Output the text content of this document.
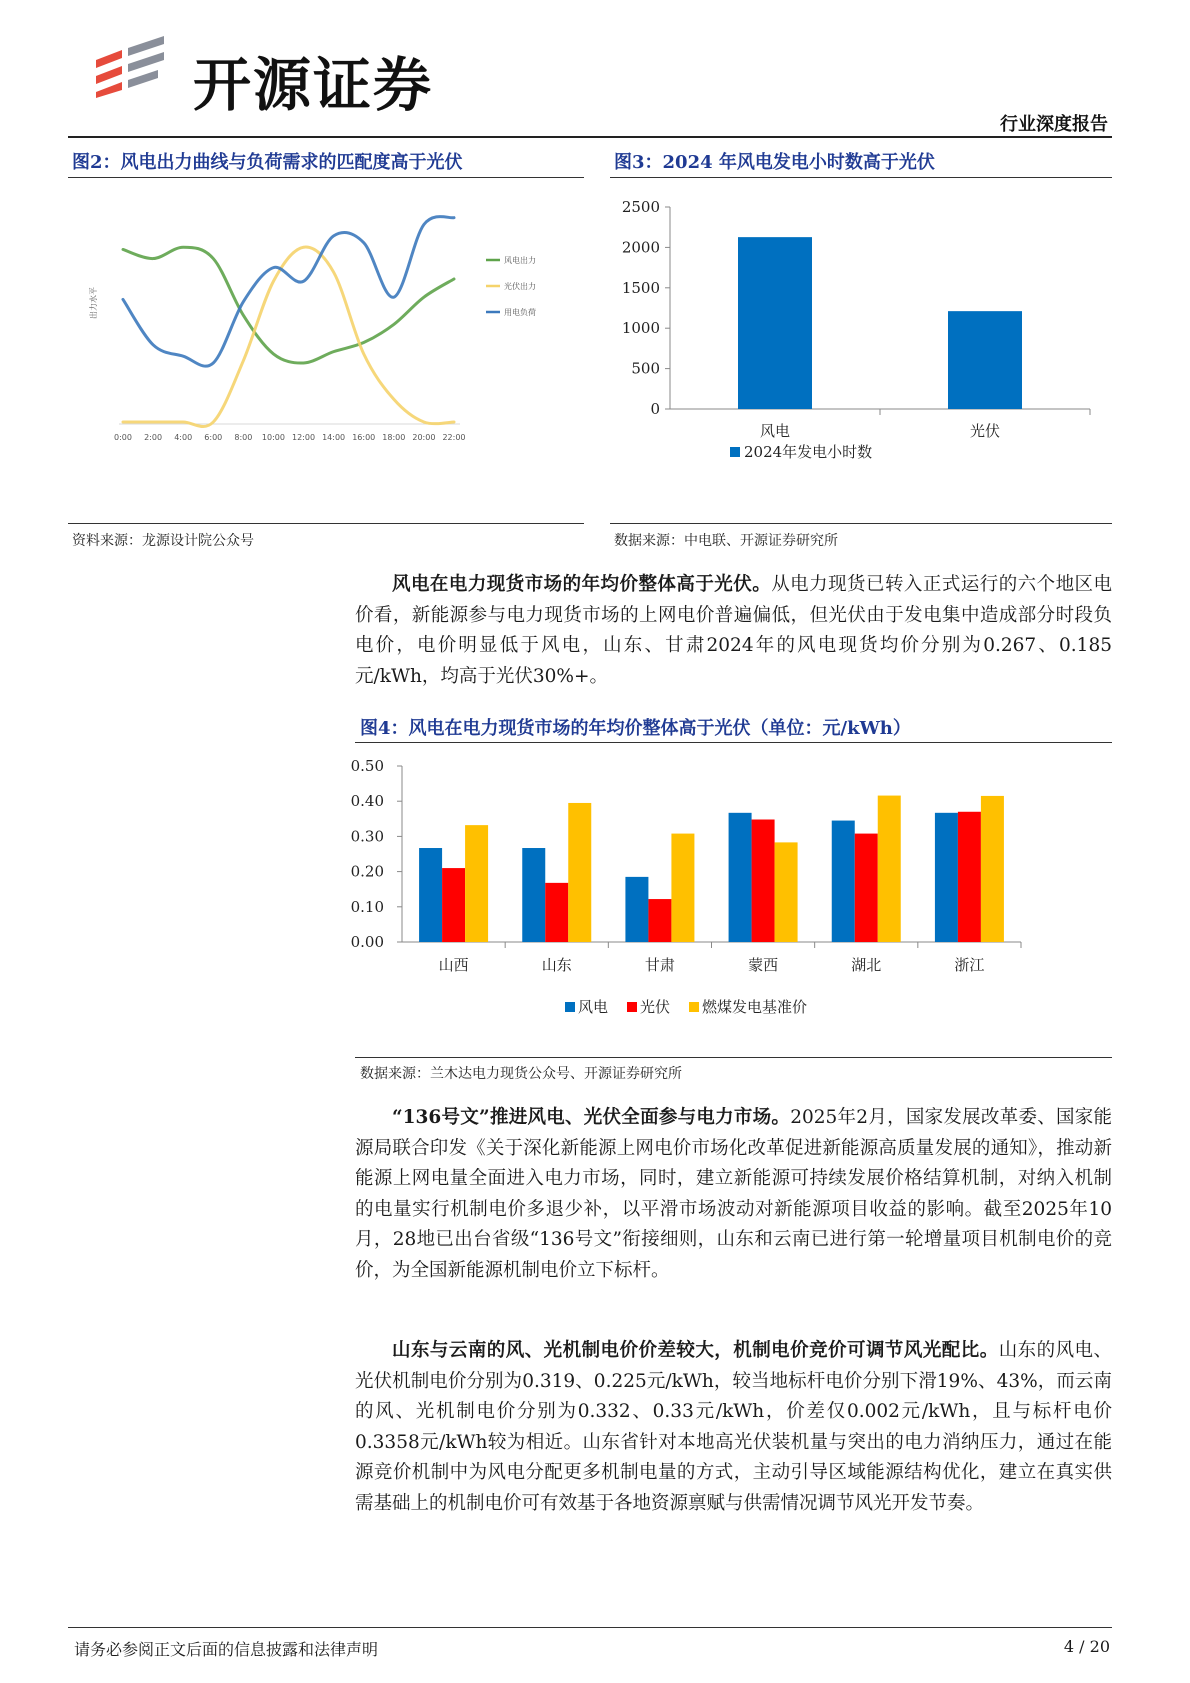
开源证券
行业深度报告
图2：风电出力曲线与负荷需求的匹配度高于光伏
出力水平
0:00 2:00 4:00 6:00 8:00 10:00 12:00 14:00 16:00 18:00 20:00 22:00
风电出力
光伏出力
用电负荷
资料来源：龙源设计院公众号
图3：2024 年风电发电小时数高于光伏
2500
2000
1500
1000
500
0
风电	光伏
2024年发电小时数
数据来源：中电联、开源证券研究所

风电在电力现货市场的年均价整体高于光伏。从电力现货已转入正式运行的六个地区电价看，新能源参与电力现货市场的上网电价普遍偏低，但光伏由于发电集中造成部分时段负电价，电价明显低于风电，山东、甘肃2024年的风电现货均价分别为0.267、0.185元/kWh，均高于光伏30%+。

图4：风电在电力现货市场的年均价整体高于光伏（单位：元/kWh）
0.50
0.40
0.30
0.20
0.10
0.00
山西	山东	甘肃	蒙西	湖北	浙江
风电 光伏 燃煤发电基准价
数据来源：兰木达电力现货公众号、开源证券研究所

“136号文”推进风电、光伏全面参与电力市场。2025年2月，国家发展改革委、国家能源局联合印发《关于深化新能源上网电价市场化改革促进新能源高质量发展的通知》，推动新能源上网电量全面进入电力市场，同时，建立新能源可持续发展价格结算机制，对纳入机制的电量实行机制电价多退少补，以平滑市场波动对新能源项目收益的影响。截至2025年10月，28地已出台省级“136号文”衔接细则，山东和云南已进行第一轮增量项目机制电价的竞价，为全国新能源机制电价立下标杆。

山东与云南的风、光机制电价价差较大，机制电价竞价可调节风光配比。山东的风电、光伏机制电价分别为0.319、0.225元/kWh，较当地标杆电价分别下滑19%、43%，而云南的风、光机制电价分别为0.332、0.33元/kWh，价差仅0.002元/kWh，且与标杆电价0.3358元/kWh较为相近。山东省针对本地高光伏装机量与突出的电力消纳压力，通过在能源竞价机制中为风电分配更多机制电量的方式，主动引导区域能源结构优化，建立在真实供需基础上的机制电价可有效基于各地资源禀赋与供需情况调节风光开发节奏。

请务必参阅正文后面的信息披露和法律声明	4 / 20
